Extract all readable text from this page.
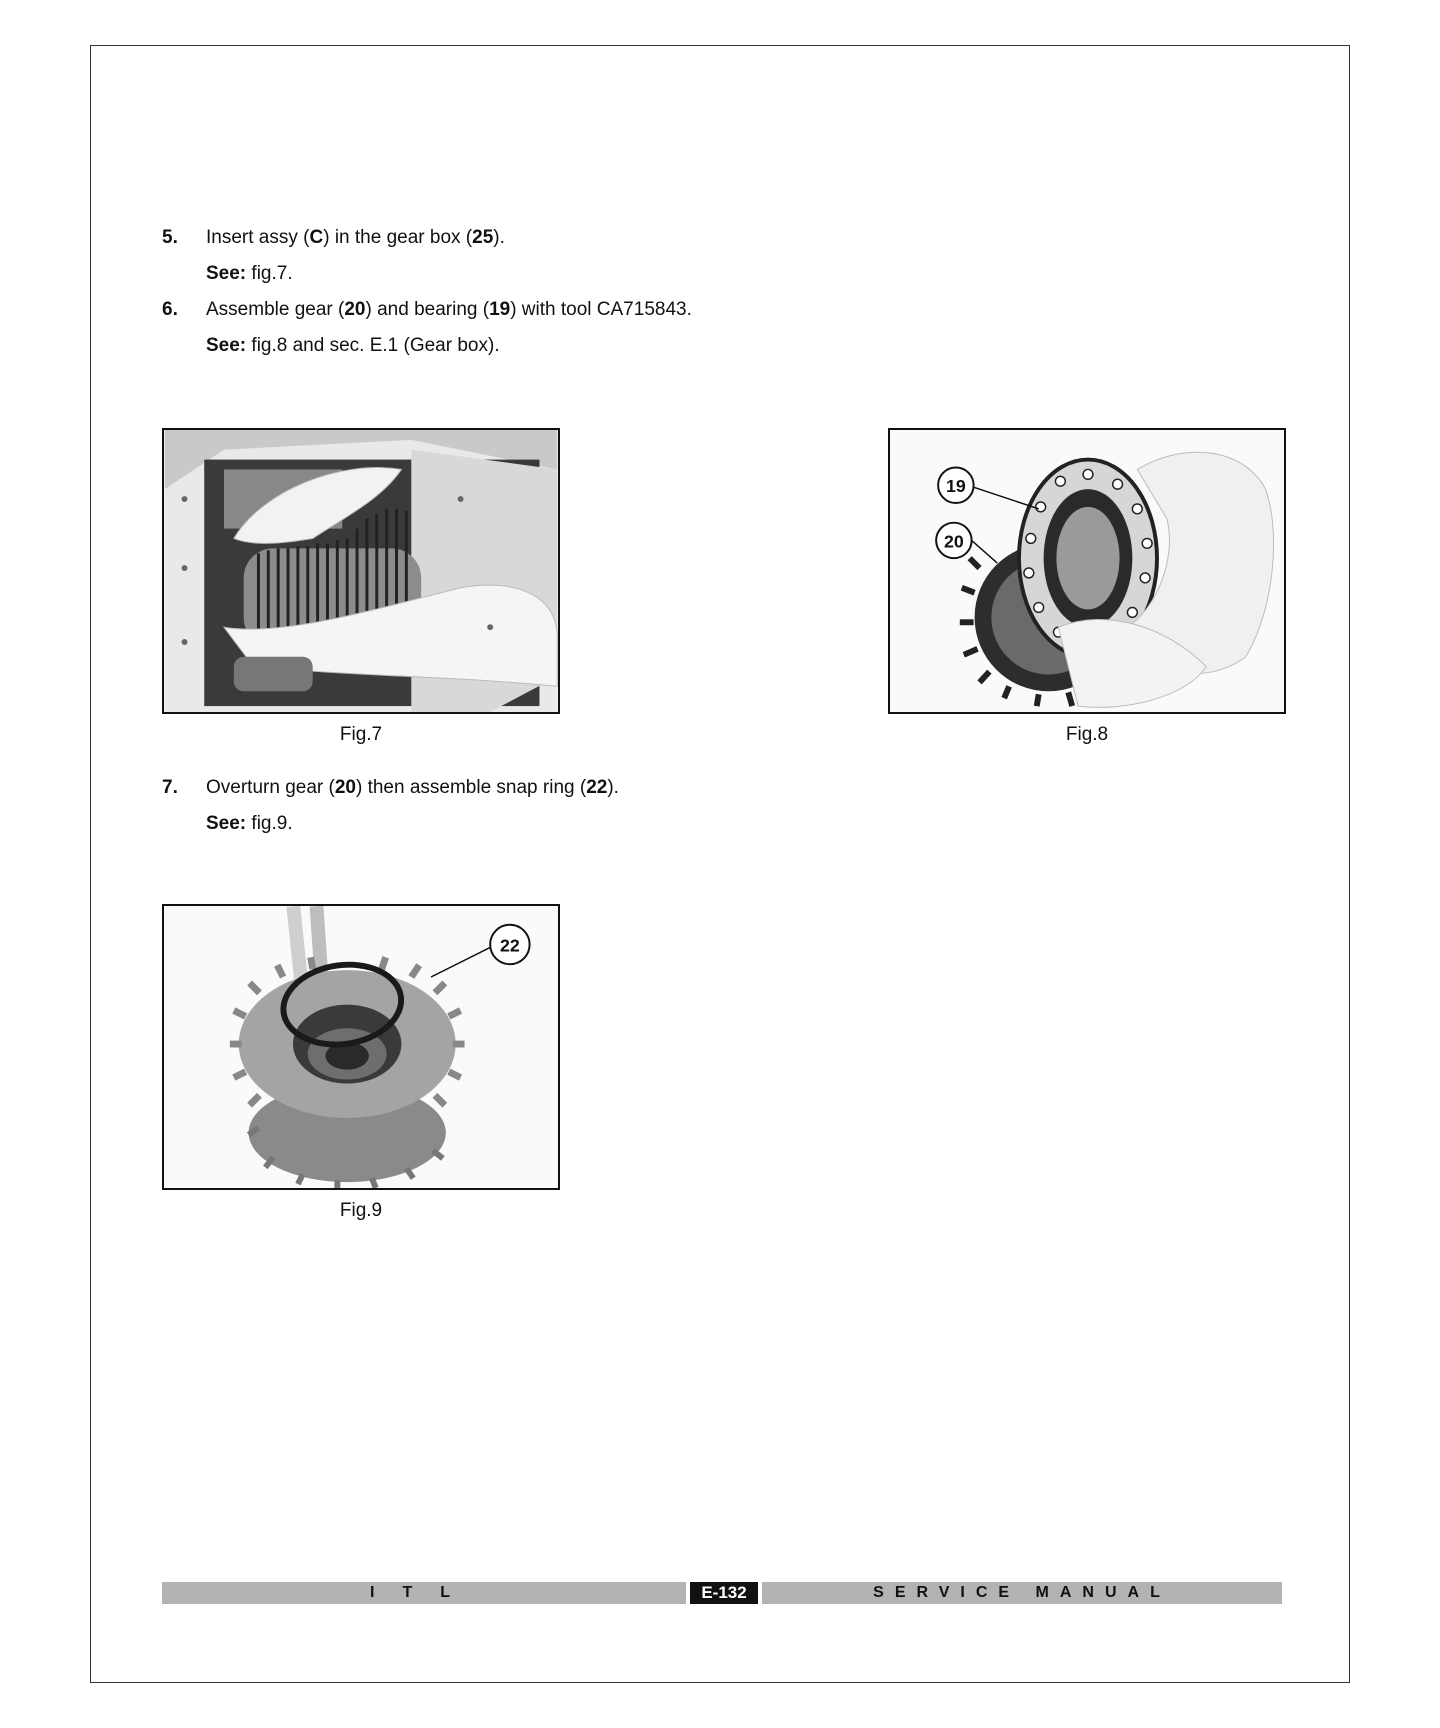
5.	Insert assy (C) in the gear box (25).
See: fig.7.
6.	Assemble gear (20) and bearing (19) with tool CA715843.
See: fig.8 and sec. E.1 (Gear box).
Fig.7
19
20
Fig.8
7.	Overturn gear (20) then assemble snap ring (22).
See: fig.9.
22
Fig.9
ITL	E-132	SERVICE MANUAL
